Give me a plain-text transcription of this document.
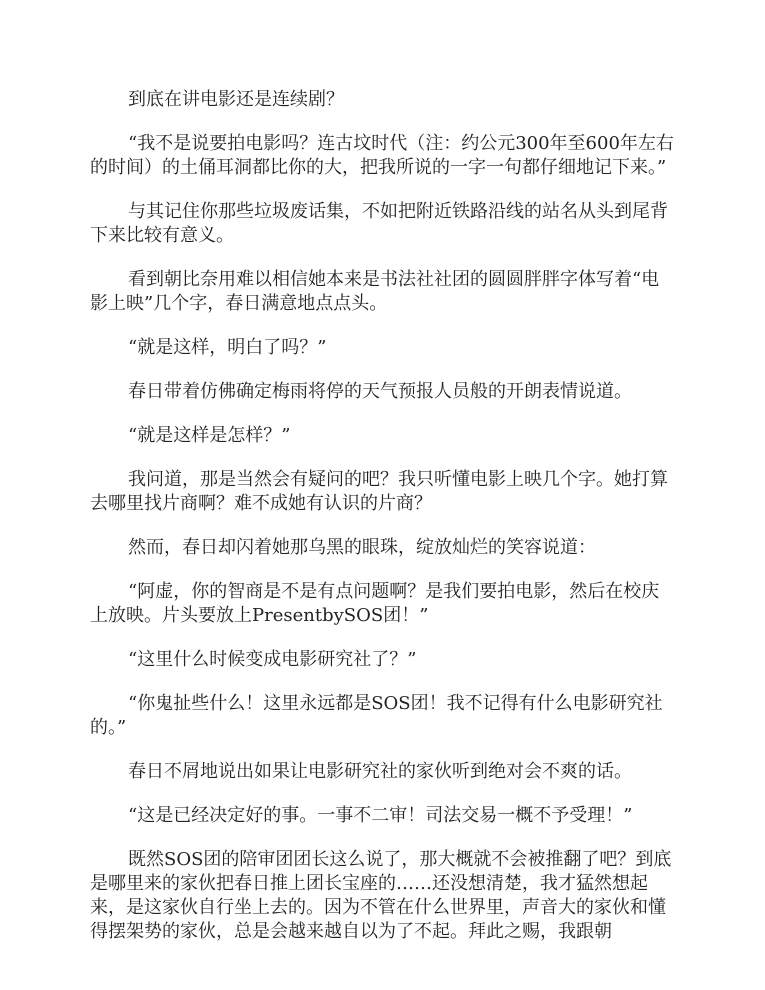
到底在讲电影还是连续剧？

“我不是说要拍电影吗？连古坟时代（注：约公元300年至600年左右的时间）的土俑耳洞都比你的大，把我所说的一字一句都仔细地记下来。”

与其记住你那些垃圾废话集，不如把附近铁路沿线的站名从头到尾背下来比较有意义。

看到朝比奈用难以相信她本来是书法社社团的圆圆胖胖字体写着“电影上映”几个字，春日满意地点点头。

“就是这样，明白了吗？”

春日带着仿佛确定梅雨将停的天气预报人员般的开朗表情说道。

“就是这样是怎样？”

我问道，那是当然会有疑问的吧？我只听懂电影上映几个字。她打算去哪里找片商啊？难不成她有认识的片商？

然而，春日却闪着她那乌黑的眼珠，绽放灿烂的笑容说道：

“阿虚，你的智商是不是有点问题啊？是我们要拍电影，然后在校庆上放映。片头要放上PresentbySOS团！”

“这里什么时候变成电影研究社了？”

“你鬼扯些什么！这里永远都是SOS团！我不记得有什么电影研究社的。”

春日不屑地说出如果让电影研究社的家伙听到绝对会不爽的话。

“这是已经决定好的事。一事不二审！司法交易一概不予受理！”

既然SOS团的陪审团团长这么说了，那大概就不会被推翻了吧？到底是哪里来的家伙把春日推上团长宝座的……还没想清楚，我才猛然想起来，是这家伙自行坐上去的。因为不管在什么世界里，声音大的家伙和懂得摆架势的家伙，总是会越来越自以为了不起。拜此之赐，我跟朝
